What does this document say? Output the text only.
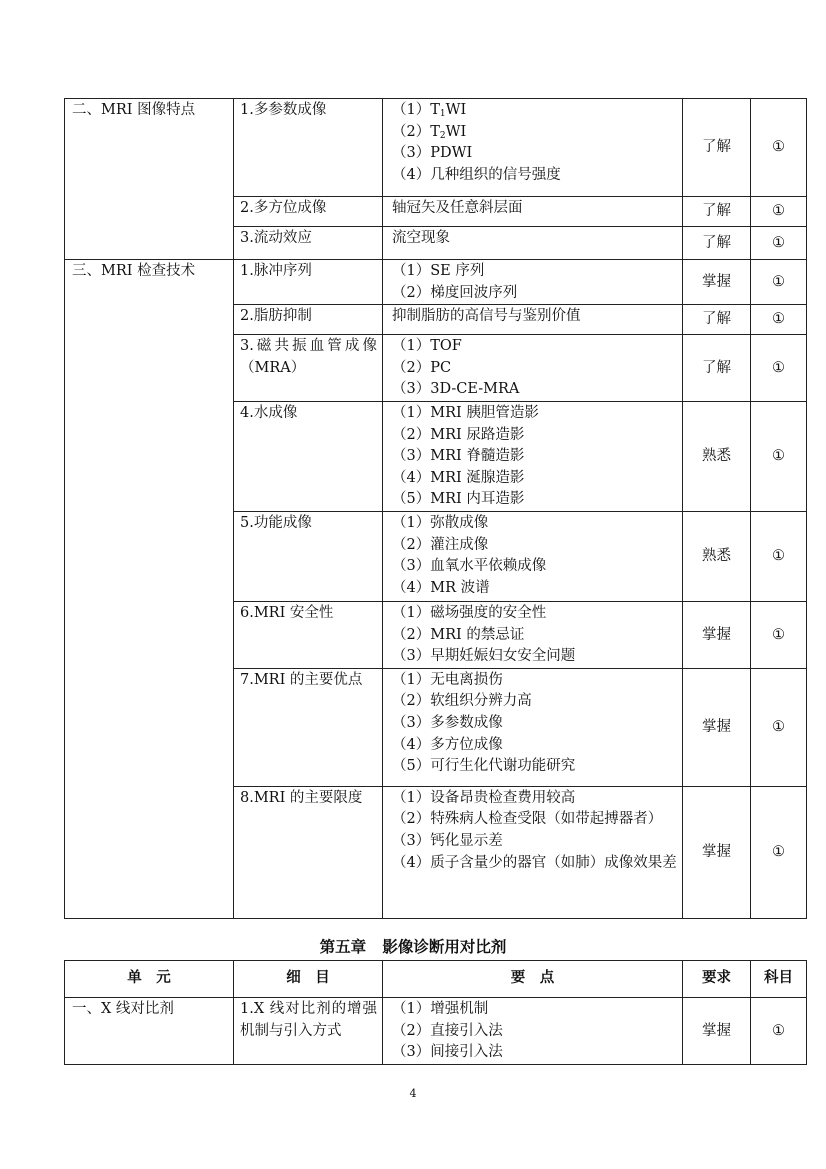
二、MRI 图像特点	1.多参数成像	$(1)T_1WI$
$(2)T_2WI$
（3）PDWI
（4）几种组织的信号强度	了解	①
	2.多方位成像	轴冠矢及任意斜层面	了解	①
	3.流动效应	流空现象	了解	①
三、MRI 检查技术	1.脉冲序列	（1）SE 序列
（2）梯度回波序列	掌握	①
	2.脂肪抑制	抑制脂肪的高信号与鉴别价值	了解	①
	3.磁共振血管成像（MRA）	（1）TOF
（2）PC
（3）3D-CE-MRA	了解	①
	4.水成像	（1）MRI 胰胆管造影
（2）MRI 尿路造影
（3）MRI 脊髓造影
（4）MRI 涎腺造影
（5）MRI 内耳造影	熟悉	①
	5.功能成像	（1）弥散成像
（2）灌注成像
（3）血氧水平依赖成像
（4）MR 波谱	熟悉	①
	6.MRI 安全性	（1）磁场强度的安全性
（2）MRI 的禁忌证
（3）早期妊娠妇女安全问题	掌握	①
	7.MRI 的主要优点	（1）无电离损伤
（2）软组织分辨力高
（3）多参数成像
（4）多方位成像
（5）可行生化代谢功能研究	掌握	①
	8.MRI 的主要限度	（1）设备昂贵检查费用较高
（2）特殊病人检查受限（如带起搏器者）
（3）钙化显示差
（4）质子含量少的器官（如肺）成像效果差	掌握	①
第五章 影像诊断用对比剂
单　元	细　目	要　点	要求	科目
一、X 线对比剂	1.X 线对比剂的增强机制与引入方式	（1）增强机制
（2）直接引入法
（3）间接引入法	掌握	①
4
